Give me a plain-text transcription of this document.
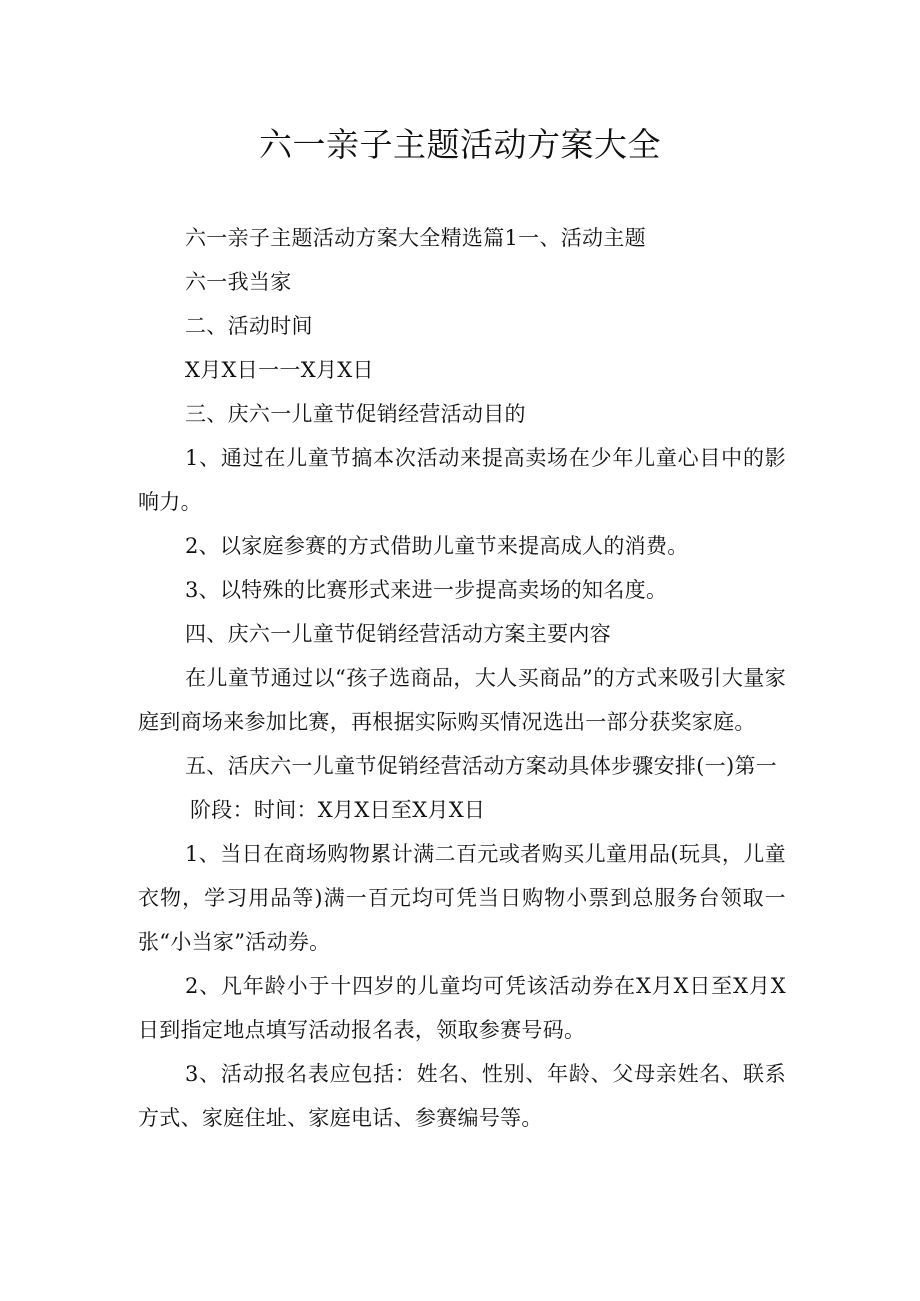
六一亲子主题活动方案大全

六一亲子主题活动方案大全精选篇1一、活动主题

六一我当家

二、活动时间

X月X日一一X月X日

三、庆六一儿童节促销经营活动目的

1、通过在儿童节搞本次活动来提高卖场在少年儿童心目中的影响力。

2、以家庭参赛的方式借助儿童节来提高成人的消费。

3、以特殊的比赛形式来进一步提高卖场的知名度。

四、庆六一儿童节促销经营活动方案主要内容

在儿童节通过以“孩子选商品，大人买商品”的方式来吸引大量家庭到商场来参加比赛，再根据实际购买情况选出一部分获奖家庭。

五、活庆六一儿童节促销经营活动方案动具体步骤安排(一)第一

阶段：时间：X月X日至X月X日

1、当日在商场购物累计满二百元或者购买儿童用品(玩具，儿童衣物，学习用品等)满一百元均可凭当日购物小票到总服务台领取一张“小当家”活动券。

2、凡年龄小于十四岁的儿童均可凭该活动券在X月X日至X月X日到指定地点填写活动报名表，领取参赛号码。

3、活动报名表应包括：姓名、性别、年龄、父母亲姓名、联系方式、家庭住址、家庭电话、参赛编号等。
